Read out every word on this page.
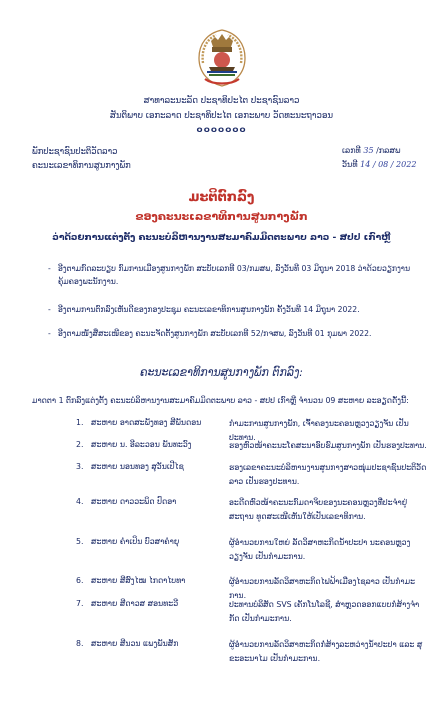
ສາທາລະນະລັດ ປະຊາທິປະໄຕ ປະຊາຊົນລາວ
ສັນຕິພາບ ເອກະລາດ ປະຊາທິປະໄຕ ເອກະພາບ ວັດທະນະຖາວອນ
໐໐໐໐໐໐໐
ພັກປະຊາຊົນປະຕິວັດລາວ
ຄະນະເລຂາທິການສູນກາງພັກ
ເລກທີ 35 /ກລສພ
ວັນທີ 14 / 08 / 2022
ມະຕິຕົກລົງ
ຂອງຄະນະເລຂາທິການສູນກາງພັກ
ວ່າດ້ວຍການແຕ່ງຕັ້ງ ຄະນະບໍລິຫານງານສະມາຄົມມິດຕະພາບ ລາວ - ສປປ ເກົາຫຼີ
- ອີງຕາມກົດລະບຽບ ກົມການເມືອງສູນກາງພັກ ສະບັບເລກທີ 03/ກມສພ, ລົງວັນທີ 03 ມິຖຸນາ 2018 ວ່າດ້ວຍວຽກງານຄຸ້ມຄອງພະນັກງານ.
- ອີງຕາມການຕົກລົງເຫັນດີຂອງກອງປະຊຸມ ຄະນະເລຂາທິການສູນກາງພັກ ຄັ້ງວັນທີ 14 ມິຖຸນາ 2022.
- ອີງຕາມໜັງສືສະເໜີຂອງ ຄະນະຈັດຕັ້ງສູນກາງພັກ ສະບັບເລກທີ 52/ກຈສພ, ລົງວັນທີ 01 ກຸມພາ 2022.
ຄະນະເລຂາທິການສູນກາງພັກ ຕົກລົງ:
ມາດຕາ 1 ຕົກລົງແຕ່ງຕັ້ງ ຄະນະບໍລິຫານງານສະມາຄົມມິດຕະພາບ ລາວ - ສປປ ເກົາຫຼີ ຈໍານວນ 09 ສະຫາຍ ລະອຽດດັ່ງນີ້:
1. ສະຫາຍ ອາດສະພັງທອງ ສີພັນດອນ	ກໍາມະການສູນກາງພັກ, ເຈົ້າຄອງນະຄອນຫຼວງວຽງຈັນ ເປັນປະທານ.
2. ສະຫາຍ ນ. ອີລະວອນ ພັນທະວົງ	ຮອງຫົວໜ້າຄະນະໂຄສະນາອົບຮົມສູນກາງພັກ ເປັນຮອງປະທານ.
3. ສະຫາຍ ນອນທອງ ສຸວັນເປີໄຊ	ຮອງເລຂາຄະນະບໍລິຫານງານສູນກາງສາວໜຸ່ມປະຊາຊົນປະຕິວັດລາວ ເປັນຮອງປະທານ.
4. ສະຫາຍ ດາວວະພິດ ປົດອາ	ອະດີດຫົວໜ້າຄະນະກົມດາຈິບຂອງນະຄອນຫຼວງທີ່ປະຈໍາຢູ່ສະຖານ ທູດສະເໜີເຫັນໃຫ້ເປັນເລຂາທິການ.
5. ສະຫາຍ ຄໍາເປິນ ບົວສາຄໍາຍຸ	ຜູ້ອໍານວຍການໃຫຍ່ ລັດວິສາຫະກິດນໍ້າປະປາ ນະຄອນຫຼວງວຽງຈັນ ເປັນກໍາມະການ.
6. ສະຫາຍ ສີສົງໄໝ ໄກດາໄບທາ	ຜູ້ອໍານວຍການລັດວິສາຫະກິດໄຟຟ້າເມືອງໄຊລາວ ເປັນກໍາມະການ.
7. ສະຫາຍ ສີດາວສ ສອນທະວີ	ປະທານບໍລິສັດ SVS ເຄັກໂນໂລຊີ, ສໍາຫຼວດອອກແບບກໍ່ສ້າງຈໍາກັດ ເປັນກໍາມະການ.
8. ສະຫາຍ ສີນວນ ແພງພັນສັກ	ຜູ້ອໍານວຍການລັດວິສາຫະກິດກໍ່ສ້າງລະຫວ່າງນໍ້າປະປາ ແລະ ສຸຂະອະນາໄມ ເປັນກໍາມະການ.
